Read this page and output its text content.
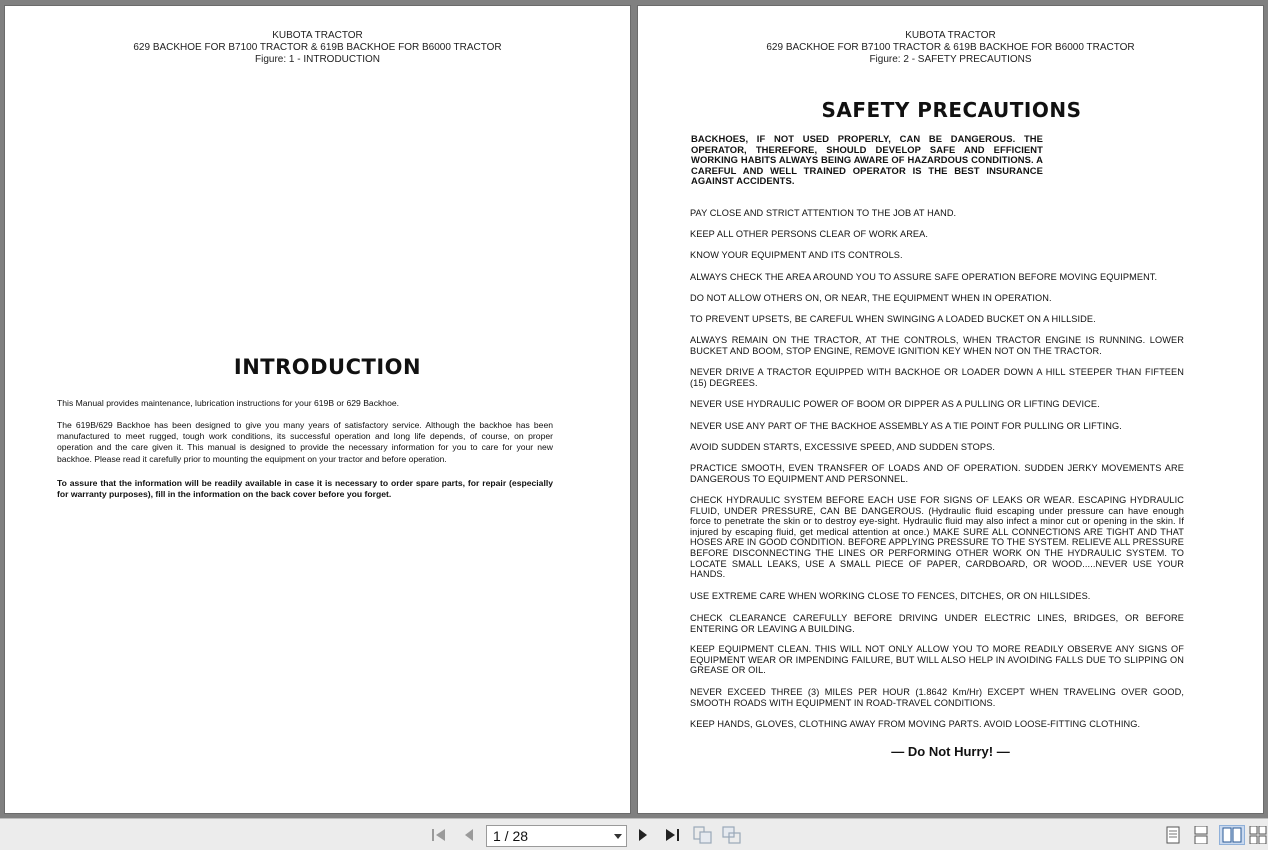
KUBOTA TRACTOR
629 BACKHOE FOR B7100 TRACTOR & 619B BACKHOE FOR B6000 TRACTOR
Figure: 1 - INTRODUCTION
INTRODUCTION
This Manual provides maintenance, lubrication instructions for your 619B or 629 Backhoe.
The 619B/629 Backhoe has been designed to give you many years of satisfactory service. Although the backhoe has been manufactured to meet rugged, tough work conditions, its successful operation and long life depends, of course, on proper operation and the care given it. This manual is designed to provide the necessary information for you to care for your new backhoe. Please read it carefully prior to mounting the equipment on your tractor and before operation.
To assure that the information will be readily available in case it is necessary to order spare parts, for repair (especially for warranty purposes), fill in the information on the back cover before you forget.
KUBOTA TRACTOR
629 BACKHOE FOR B7100 TRACTOR & 619B BACKHOE FOR B6000 TRACTOR
Figure: 2 - SAFETY PRECAUTIONS
SAFETY PRECAUTIONS
BACKHOES, IF NOT USED PROPERLY, CAN BE DANGEROUS. THE OPERATOR, THEREFORE, SHOULD DEVELOP SAFE AND EFFICIENT WORKING HABITS ALWAYS BEING AWARE OF HAZARDOUS CONDITIONS. A CAREFUL AND WELL TRAINED OPERATOR IS THE BEST INSURANCE AGAINST ACCIDENTS.
PAY CLOSE AND STRICT ATTENTION TO THE JOB AT HAND.
KEEP ALL OTHER PERSONS CLEAR OF WORK AREA.
KNOW YOUR EQUIPMENT AND ITS CONTROLS.
ALWAYS CHECK THE AREA AROUND YOU TO ASSURE SAFE OPERATION BEFORE MOVING EQUIPMENT.
DO NOT ALLOW OTHERS ON, OR NEAR, THE EQUIPMENT WHEN IN OPERATION.
TO PREVENT UPSETS, BE CAREFUL WHEN SWINGING A LOADED BUCKET ON A HILLSIDE.
ALWAYS REMAIN ON THE TRACTOR, AT THE CONTROLS, WHEN TRACTOR ENGINE IS RUNNING. LOWER BUCKET AND BOOM, STOP ENGINE, REMOVE IGNITION KEY WHEN NOT ON THE TRACTOR.
NEVER DRIVE A TRACTOR EQUIPPED WITH BACKHOE OR LOADER DOWN A HILL STEEPER THAN FIFTEEN (15) DEGREES.
NEVER USE HYDRAULIC POWER OF BOOM OR DIPPER AS A PULLING OR LIFTING DEVICE.
NEVER USE ANY PART OF THE BACKHOE ASSEMBLY AS A TIE POINT FOR PULLING OR LIFTING.
AVOID SUDDEN STARTS, EXCESSIVE SPEED, AND SUDDEN STOPS.
PRACTICE SMOOTH, EVEN TRANSFER OF LOADS AND OF OPERATION. SUDDEN JERKY MOVEMENTS ARE DANGEROUS TO EQUIPMENT AND PERSONNEL.
CHECK HYDRAULIC SYSTEM BEFORE EACH USE FOR SIGNS OF LEAKS OR WEAR. ESCAPING HYDRAULIC FLUID, UNDER PRESSURE, CAN BE DANGEROUS. (Hydraulic fluid escaping under pressure can have enough force to penetrate the skin or to destroy eye-sight. Hydraulic fluid may also infect a minor cut or opening in the skin. If injured by escaping fluid, get medical attention at once.) MAKE SURE ALL CONNECTIONS ARE TIGHT AND THAT HOSES ARE IN GOOD CONDITION. BEFORE APPLYING PRESSURE TO THE SYSTEM. RELIEVE ALL PRESSURE BEFORE DISCONNECTING THE LINES OR PERFORMING OTHER WORK ON THE HYDRAULIC SYSTEM. TO LOCATE SMALL LEAKS, USE A SMALL PIECE OF PAPER, CARDBOARD, OR WOOD.....NEVER USE YOUR HANDS.
USE EXTREME CARE WHEN WORKING CLOSE TO FENCES, DITCHES, OR ON HILLSIDES.
CHECK CLEARANCE CAREFULLY BEFORE DRIVING UNDER ELECTRIC LINES, BRIDGES, OR BEFORE ENTERING OR LEAVING A BUILDING.
KEEP EQUIPMENT CLEAN. THIS WILL NOT ONLY ALLOW YOU TO MORE READILY OBSERVE ANY SIGNS OF EQUIPMENT WEAR OR IMPENDING FAILURE, BUT WILL ALSO HELP IN AVOIDING FALLS DUE TO SLIPPING ON GREASE OR OIL.
NEVER EXCEED THREE (3) MILES PER HOUR (1.8642 Km/Hr) EXCEPT WHEN TRAVELING OVER GOOD, SMOOTH ROADS WITH EQUIPMENT IN ROAD-TRAVEL CONDITIONS.
KEEP HANDS, GLOVES, CLOTHING AWAY FROM MOVING PARTS. AVOID LOOSE-FITTING CLOTHING.
— Do Not Hurry! —
1 / 28
